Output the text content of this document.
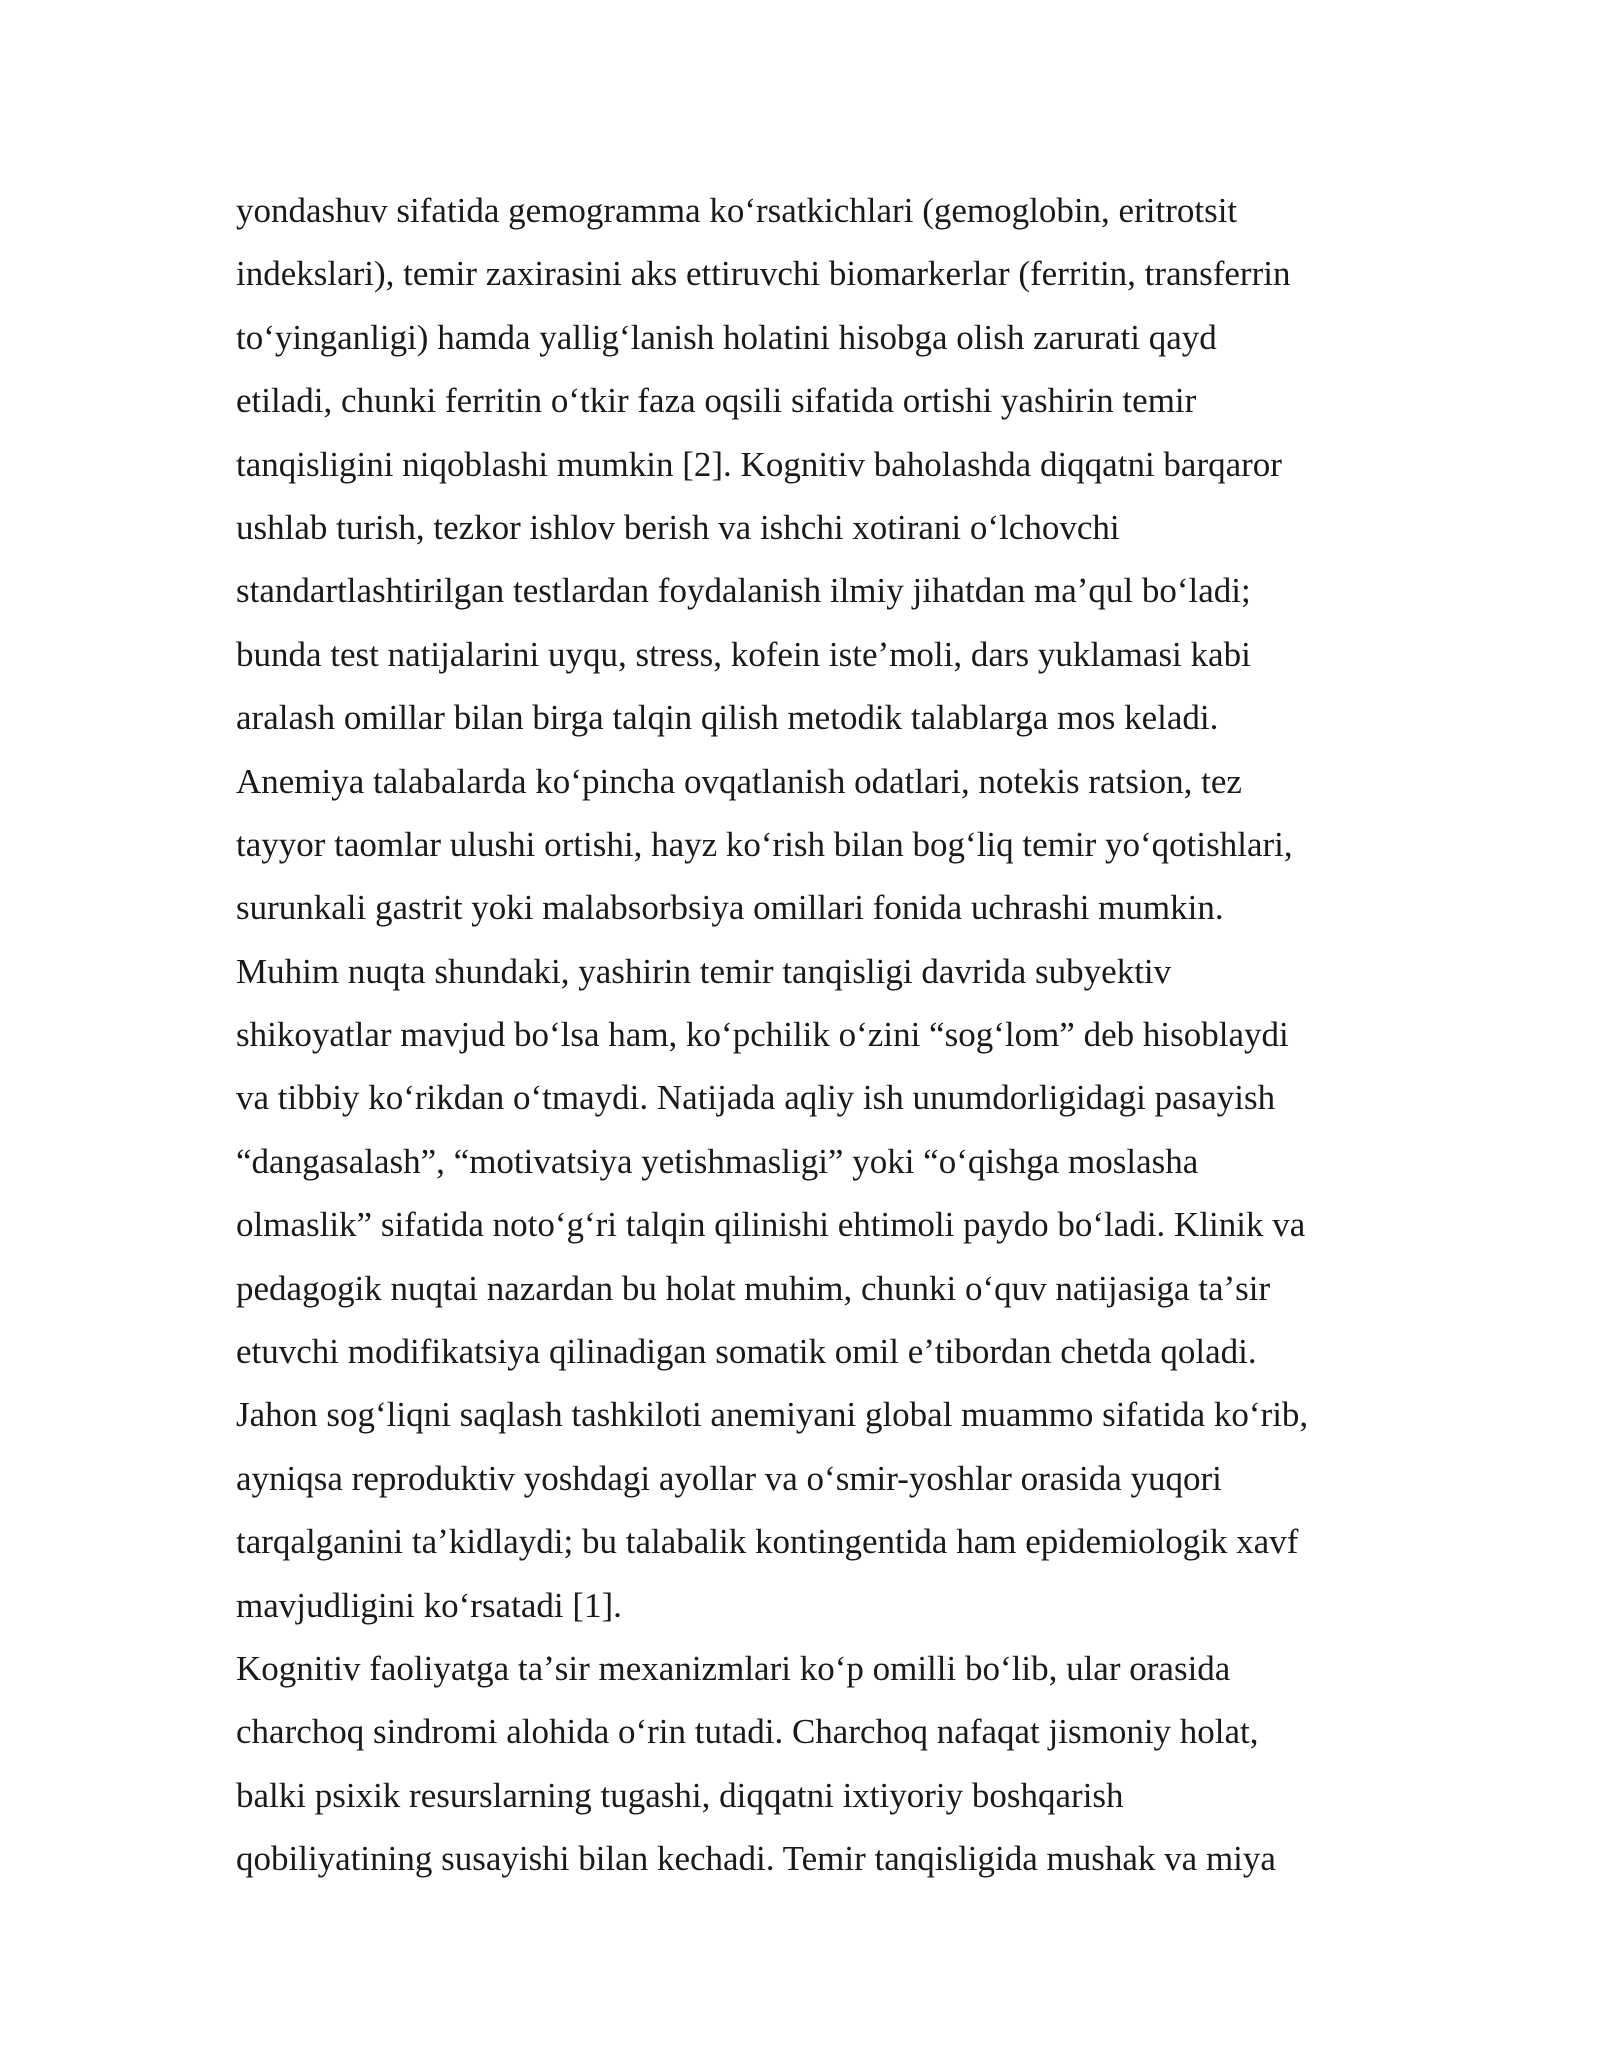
yondashuv sifatida gemogramma koʻrsatkichlari (gemoglobin, eritrotsit
indekslari), temir zaxirasini aks ettiruvchi biomarkerlar (ferritin, transferrin
toʻyinganligi) hamda yalligʻlanish holatini hisobga olish zarurati qayd
etiladi, chunki ferritin oʻtkir faza oqsili sifatida ortishi yashirin temir
tanqisligini niqoblashi mumkin [2]. Kognitiv baholashda diqqatni barqaror
ushlab turish, tezkor ishlov berish va ishchi xotirani oʻlchovchi
standartlashtirilgan testlardan foydalanish ilmiy jihatdan maʼqul boʻladi;
bunda test natijalarini uyqu, stress, kofein isteʼmoli, dars yuklamasi kabi
aralash omillar bilan birga talqin qilish metodik talablarga mos keladi.
Anemiya talabalarda koʻpincha ovqatlanish odatlari, notekis ratsion, tez
tayyor taomlar ulushi ortishi, hayz koʻrish bilan bogʻliq temir yoʻqotishlari,
surunkali gastrit yoki malabsorbsiya omillari fonida uchrashi mumkin.
Muhim nuqta shundaki, yashirin temir tanqisligi davrida subyektiv
shikoyatlar mavjud boʻlsa ham, koʻpchilik oʻzini “sogʻlom” deb hisoblaydi
va tibbiy koʻrikdan oʻtmaydi. Natijada aqliy ish unumdorligidagi pasayish
“dangasalash”, “motivatsiya yetishmasligi” yoki “oʻqishga moslasha
olmaslik” sifatida notoʻgʻri talqin qilinishi ehtimoli paydo boʻladi. Klinik va
pedagogik nuqtai nazardan bu holat muhim, chunki oʻquv natijasiga taʼsir
etuvchi modifikatsiya qilinadigan somatik omil eʼtibordan chetda qoladi.
Jahon sogʻliqni saqlash tashkiloti anemiyani global muammo sifatida koʻrib,
ayniqsa reproduktiv yoshdagi ayollar va oʻsmir-yoshlar orasida yuqori
tarqalganini taʼkidlaydi; bu talabalik kontingentida ham epidemiologik xavf
mavjudligini koʻrsatadi [1].
Kognitiv faoliyatga taʼsir mexanizmlari koʻp omilli boʻlib, ular orasida
charchoq sindromi alohida oʻrin tutadi. Charchoq nafaqat jismoniy holat,
balki psixik resurslarning tugashi, diqqatni ixtiyoriy boshqarish
qobiliyatining susayishi bilan kechadi. Temir tanqisligida mushak va miya
